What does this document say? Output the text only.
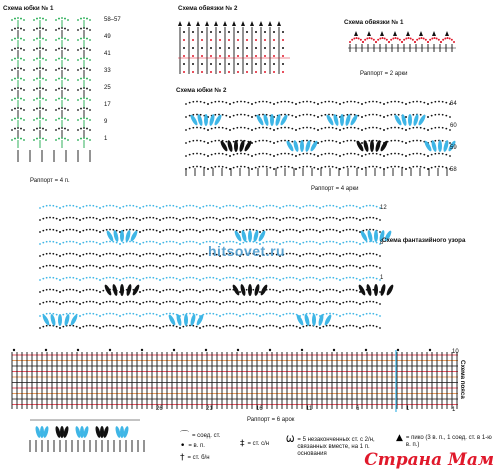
Схема юбки № 1	Схема обвязки № 2
Схема обвязки № 1
Схема юбки № 2
Схема фантазийного узора
Схема пояса
Раппорт = 4 п.
Раппорт = 2 арки
Раппорт = 4 арки
Раппорт = 6 арок
58–57
49
41
33
25
17
9
1
64
60
59
58
12
8
1
10
1
26	21	16	11	6	1
hitsovet.ru
⌒ = соед. ст.
• = в. п.
† = ст. б/н
‡ = ст. с/н Ѡ = 5 незаконченных ст. с 2/н, связанных вместе, на 1 п. основания
▲ = пико (3 в. п., 1 соед. ст. в 1-ю в. п.)
Страна Мам
